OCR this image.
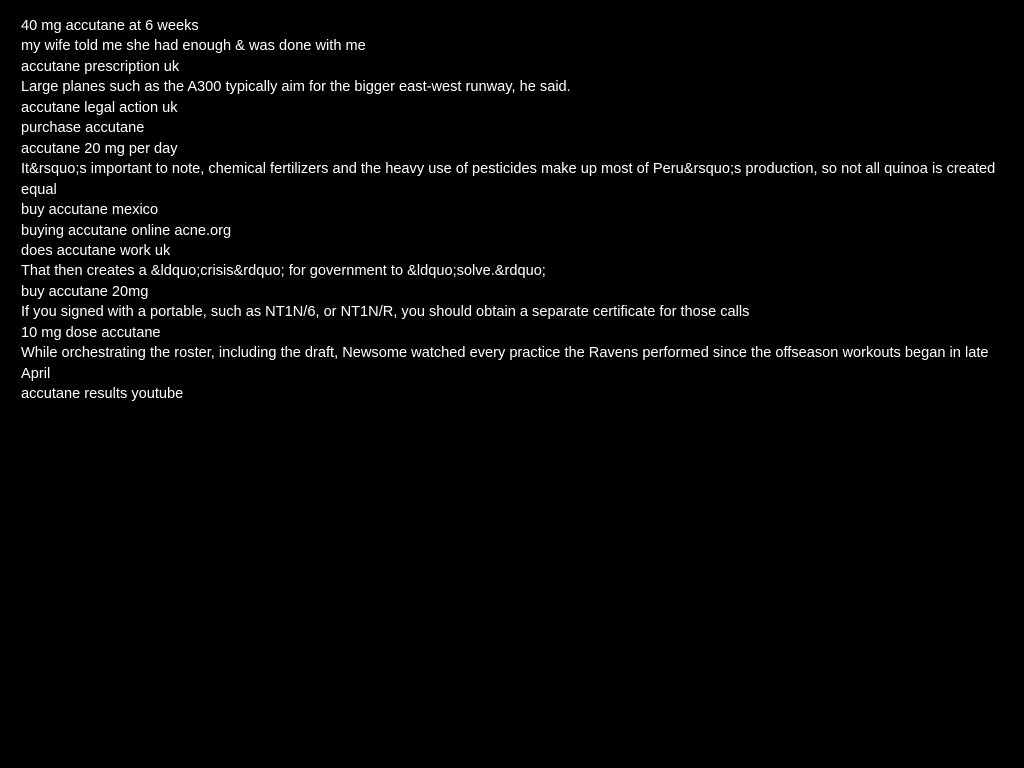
40 mg accutane at 6 weeks
my wife told me she had enough & was done with me
accutane prescription uk
Large planes such as the A300 typically aim for the bigger east-west runway, he said.
accutane legal action uk
purchase accutane
accutane 20 mg per day
It&rsquo;s important to note, chemical fertilizers and the heavy use of pesticides make up most of Peru&rsquo;s production, so not all quinoa is created equal
buy accutane mexico
buying accutane online acne.org
does accutane work uk
That then creates a &ldquo;crisis&rdquo; for government to &ldquo;solve.&rdquo;
buy accutane 20mg
If you signed with a portable, such as NT1N/6, or NT1N/R, you should obtain a separate certificate for those calls
10 mg dose accutane
While orchestrating the roster, including the draft, Newsome watched every practice the Ravens performed since the offseason workouts began in late April
accutane results youtube
